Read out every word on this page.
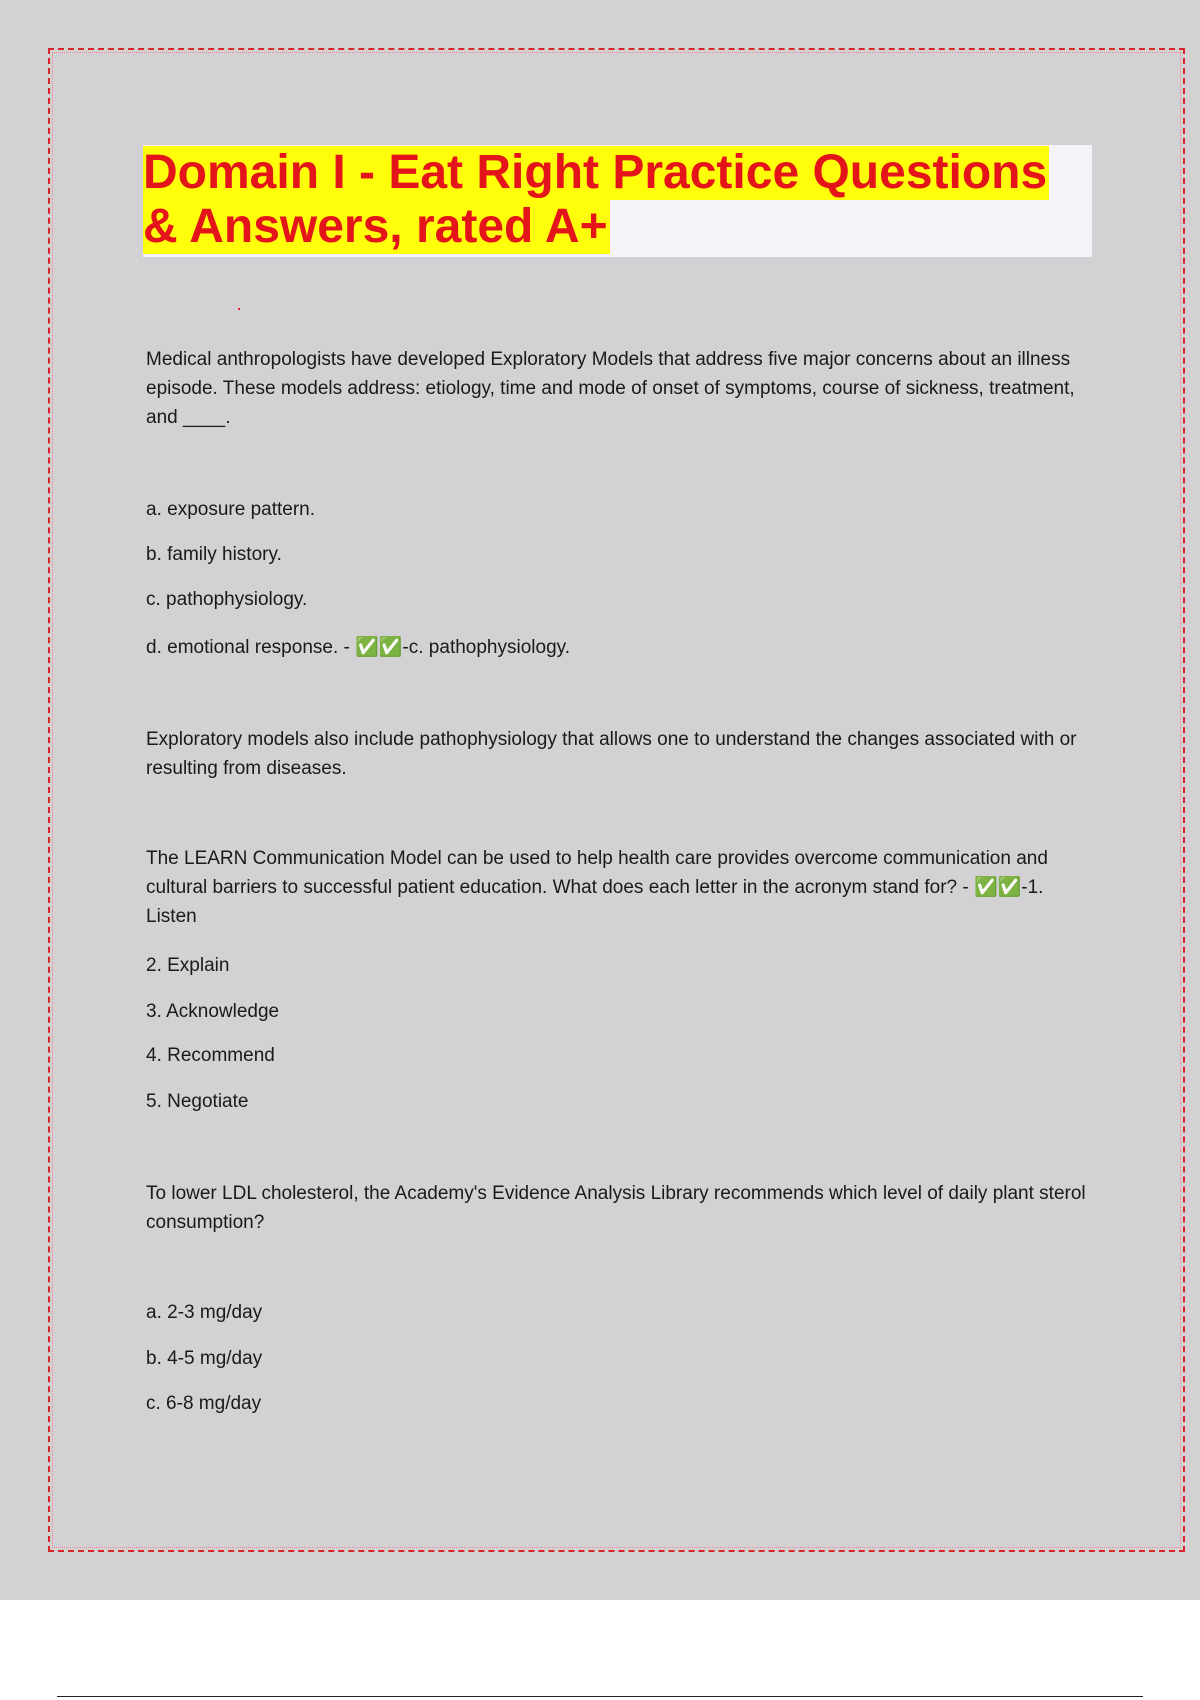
Domain I - Eat Right Practice Questions
& Answers, rated A+

Medical anthropologists have developed Exploratory Models that address five major concerns about an illness episode. These models address: etiology, time and mode of onset of symptoms, course of sickness, treatment, and ____.

a. exposure pattern.
b. family history.
c. pathophysiology.
d. emotional response. - ✅✅-c. pathophysiology.

Exploratory models also include pathophysiology that allows one to understand the changes associated with or resulting from diseases.

The LEARN Communication Model can be used to help health care provides overcome communication and cultural barriers to successful patient education. What does each letter in the acronym stand for? - ✅✅-1. Listen

2. Explain
3. Acknowledge
4. Recommend
5. Negotiate

To lower LDL cholesterol, the Academy's Evidence Analysis Library recommends which level of daily plant sterol consumption?

a. 2-3 mg/day
b. 4-5 mg/day
c. 6-8 mg/day
